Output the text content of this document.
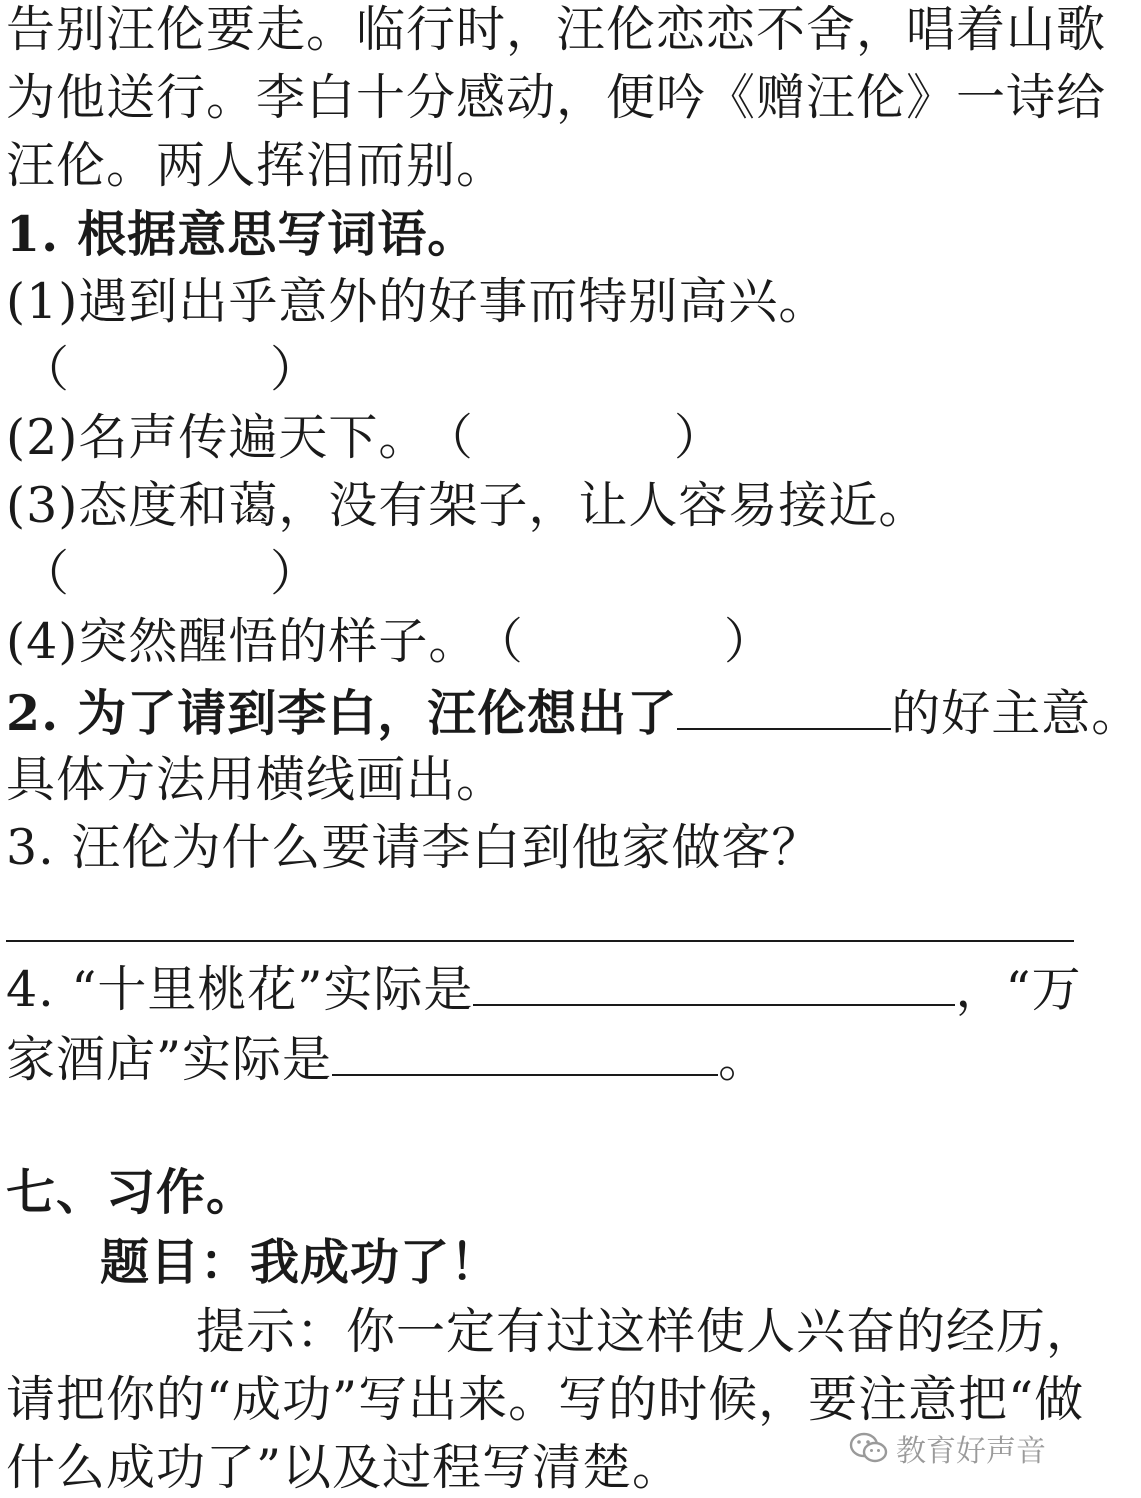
告别汪伦要走。临行时，汪伦恋恋不舍，唱着山歌
为他送行。李白十分感动，便吟《赠汪伦》一诗给
汪伦。两人挥泪而别。
1. 根据意思写词语。
(1)遇到出乎意外的好事而特别高兴。
（　　　　）
(2)名声传遍天下。 （　　　　）
(3)态度和蔼，没有架子，让人容易接近。
（　　　　）
(4)突然醒悟的样子。 （　　　　）
2. 为了请到李白，汪伦想出了	的好主意。
具体方法用横线画出。
3. 汪伦为什么要请李白到他家做客？
4. “十里桃花”实际是	，“万
家酒店”实际是	。
七、习作。
题目：我成功了！
提示：你一定有过这样使人兴奋的经历，
请把你的“成功”写出来。写的时候，要注意把“做
什么成功了”以及过程写清楚。	教育好声音
